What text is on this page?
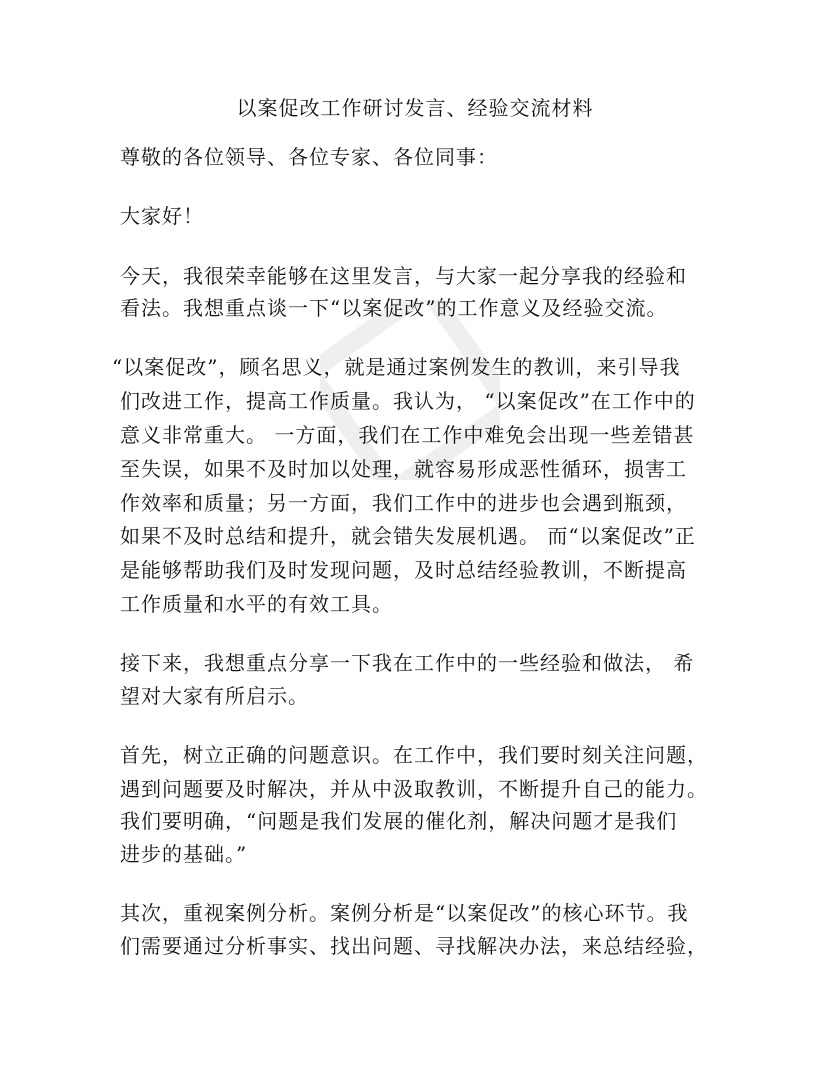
以案促改工作研讨发言、经验交流材料
尊敬的各位领导、各位专家、各位同事：
大家好！
今天，我很荣幸能够在这里发言，与大家一起分享我的经验和
看法。我想重点谈一下“以案促改”的工作意义及经验交流。
“以案促改”，顾名思义，就是通过案例发生的教训，来引导我
们改进工作，提高工作质量。我认为， “以案促改”在工作中的
意义非常重大。 一方面，我们在工作中难免会出现一些差错甚
至失误，如果不及时加以处理，就容易形成恶性循环，损害工
作效率和质量；另一方面，我们工作中的进步也会遇到瓶颈，
如果不及时总结和提升，就会错失发展机遇。 而“以案促改”正
是能够帮助我们及时发现问题，及时总结经验教训，不断提高
工作质量和水平的有效工具。
接下来，我想重点分享一下我在工作中的一些经验和做法， 希
望对大家有所启示。
首先，树立正确的问题意识。在工作中，我们要时刻关注问题，
遇到问题要及时解决，并从中汲取教训，不断提升自己的能力。
我们要明确，“问题是我们发展的催化剂，解决问题才是我们
进步的基础。”
其次，重视案例分析。案例分析是“以案促改”的核心环节。我
们需要通过分析事实、找出问题、寻找解决办法，来总结经验，
